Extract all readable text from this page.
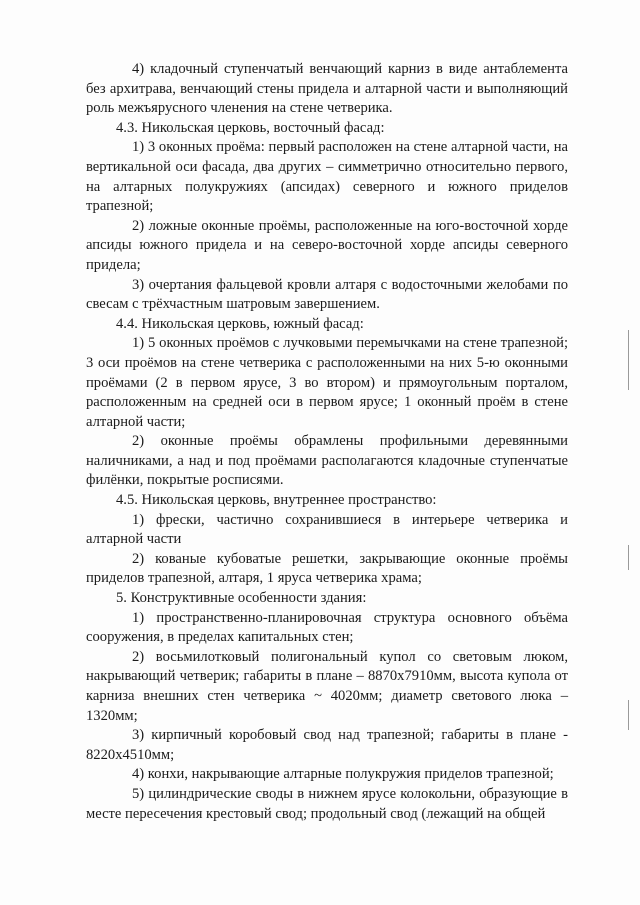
4) кладочный ступенчатый венчающий карниз в виде антаблемента без архитрава, венчающий стены придела и алтарной части и выполняющий роль межъярусного членения на стене четверика.

4.3. Никольская церковь, восточный фасад:

1) 3 оконных проёма: первый расположен на стене алтарной части, на вертикальной оси фасада, два других – симметрично относительно первого, на алтарных полукружиях (апсидах) северного и южного приделов трапезной;

2) ложные оконные проёмы, расположенные на юго-восточной хорде апсиды южного придела и на северо-восточной хорде апсиды северного придела;

3) очертания фальцевой кровли алтаря с водосточными желобами по свесам с трёхчастным шатровым завершением.

4.4. Никольская церковь, южный фасад:

1) 5 оконных проёмов с лучковыми перемычками на стене трапезной; 3 оси проёмов на стене четверика с расположенными на них 5-ю оконными проёмами (2 в первом ярусе, 3 во втором) и прямоугольным порталом, расположенным на средней оси в первом ярусе; 1 оконный проём в стене алтарной части;

2) оконные проёмы обрамлены профильными деревянными наличниками, а над и под проёмами располагаются кладочные ступенчатые филёнки, покрытые росписями.

4.5. Никольская церковь, внутреннее пространство:

1) фрески, частично сохранившиеся в интерьере четверика и алтарной части

2) кованые кубоватые решетки, закрывающие оконные проёмы приделов трапезной, алтаря, 1 яруса четверика храма;

5. Конструктивные особенности здания:

1) пространственно-планировочная структура основного объёма сооружения, в пределах капитальных стен;

2) восьмилотковый полигональный купол со световым люком, накрывающий четверик; габариты в плане – 8870х7910мм, высота купола от карниза внешних стен четверика ~ 4020мм; диаметр светового люка – 1320мм;

3) кирпичный коробовый свод над трапезной; габариты в плане - 8220х4510мм;

4) конхи, накрывающие алтарные полукружия приделов трапезной;

5) цилиндрические своды в нижнем ярусе колокольни, образующие в месте пересечения крестовый свод; продольный свод (лежащий на общей
